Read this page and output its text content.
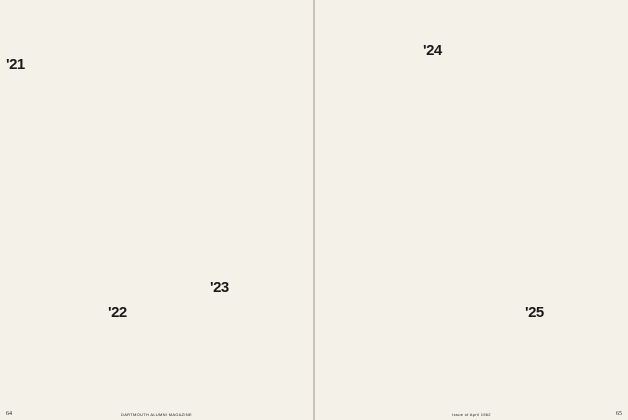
'21
'22
'23
64	DARTMOUTH ALUMNI MAGAZINE
'24
'25
Issue of April 1962	65
